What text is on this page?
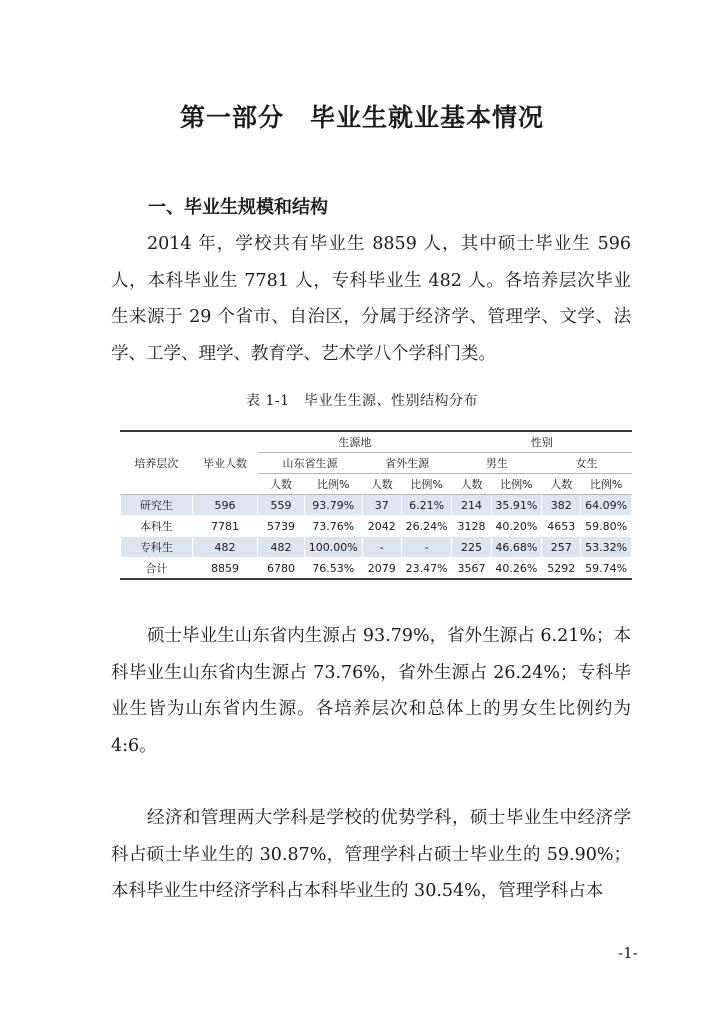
第一部分　毕业生就业基本情况
一、毕业生规模和结构
2014 年，学校共有毕业生 8859 人，其中硕士毕业生 596 人，本科毕业生 7781 人，专科毕业生 482 人。各培养层次毕业生来源于 29 个省市、自治区，分属于经济学、管理学、文学、法学、工学、理学、教育学、艺术学八个学科门类。
表 1-1　毕业生生源、性别结构分布
培养层次	毕业人数	生源地				性别			
		山东省生源		省外生源		男生		女生	
		人数	比例%	人数	比例%	人数	比例%	人数	比例%
研究生	596	559	93.79%	37	6.21%	214	35.91%	382	64.09%
本科生	7781	5739	73.76%	2042	26.24%	3128	40.20%	4653	59.80%
专科生	482	482	100.00%	-	-	225	46.68%	257	53.32%
合计	8859	6780	76.53%	2079	23.47%	3567	40.26%	5292	59.74%
硕士毕业生山东省内生源占 93.79%，省外生源占 6.21%；本科毕业生山东省内生源占 73.76%，省外生源占 26.24%；专科毕业生皆为山东省内生源。各培养层次和总体上的男女生比例约为 4:6。
经济和管理两大学科是学校的优势学科，硕士毕业生中经济学科占硕士毕业生的 30.87%，管理学科占硕士毕业生的 59.90%；本科毕业生中经济学科占本科毕业生的 30.54%，管理学科占本
-1-
